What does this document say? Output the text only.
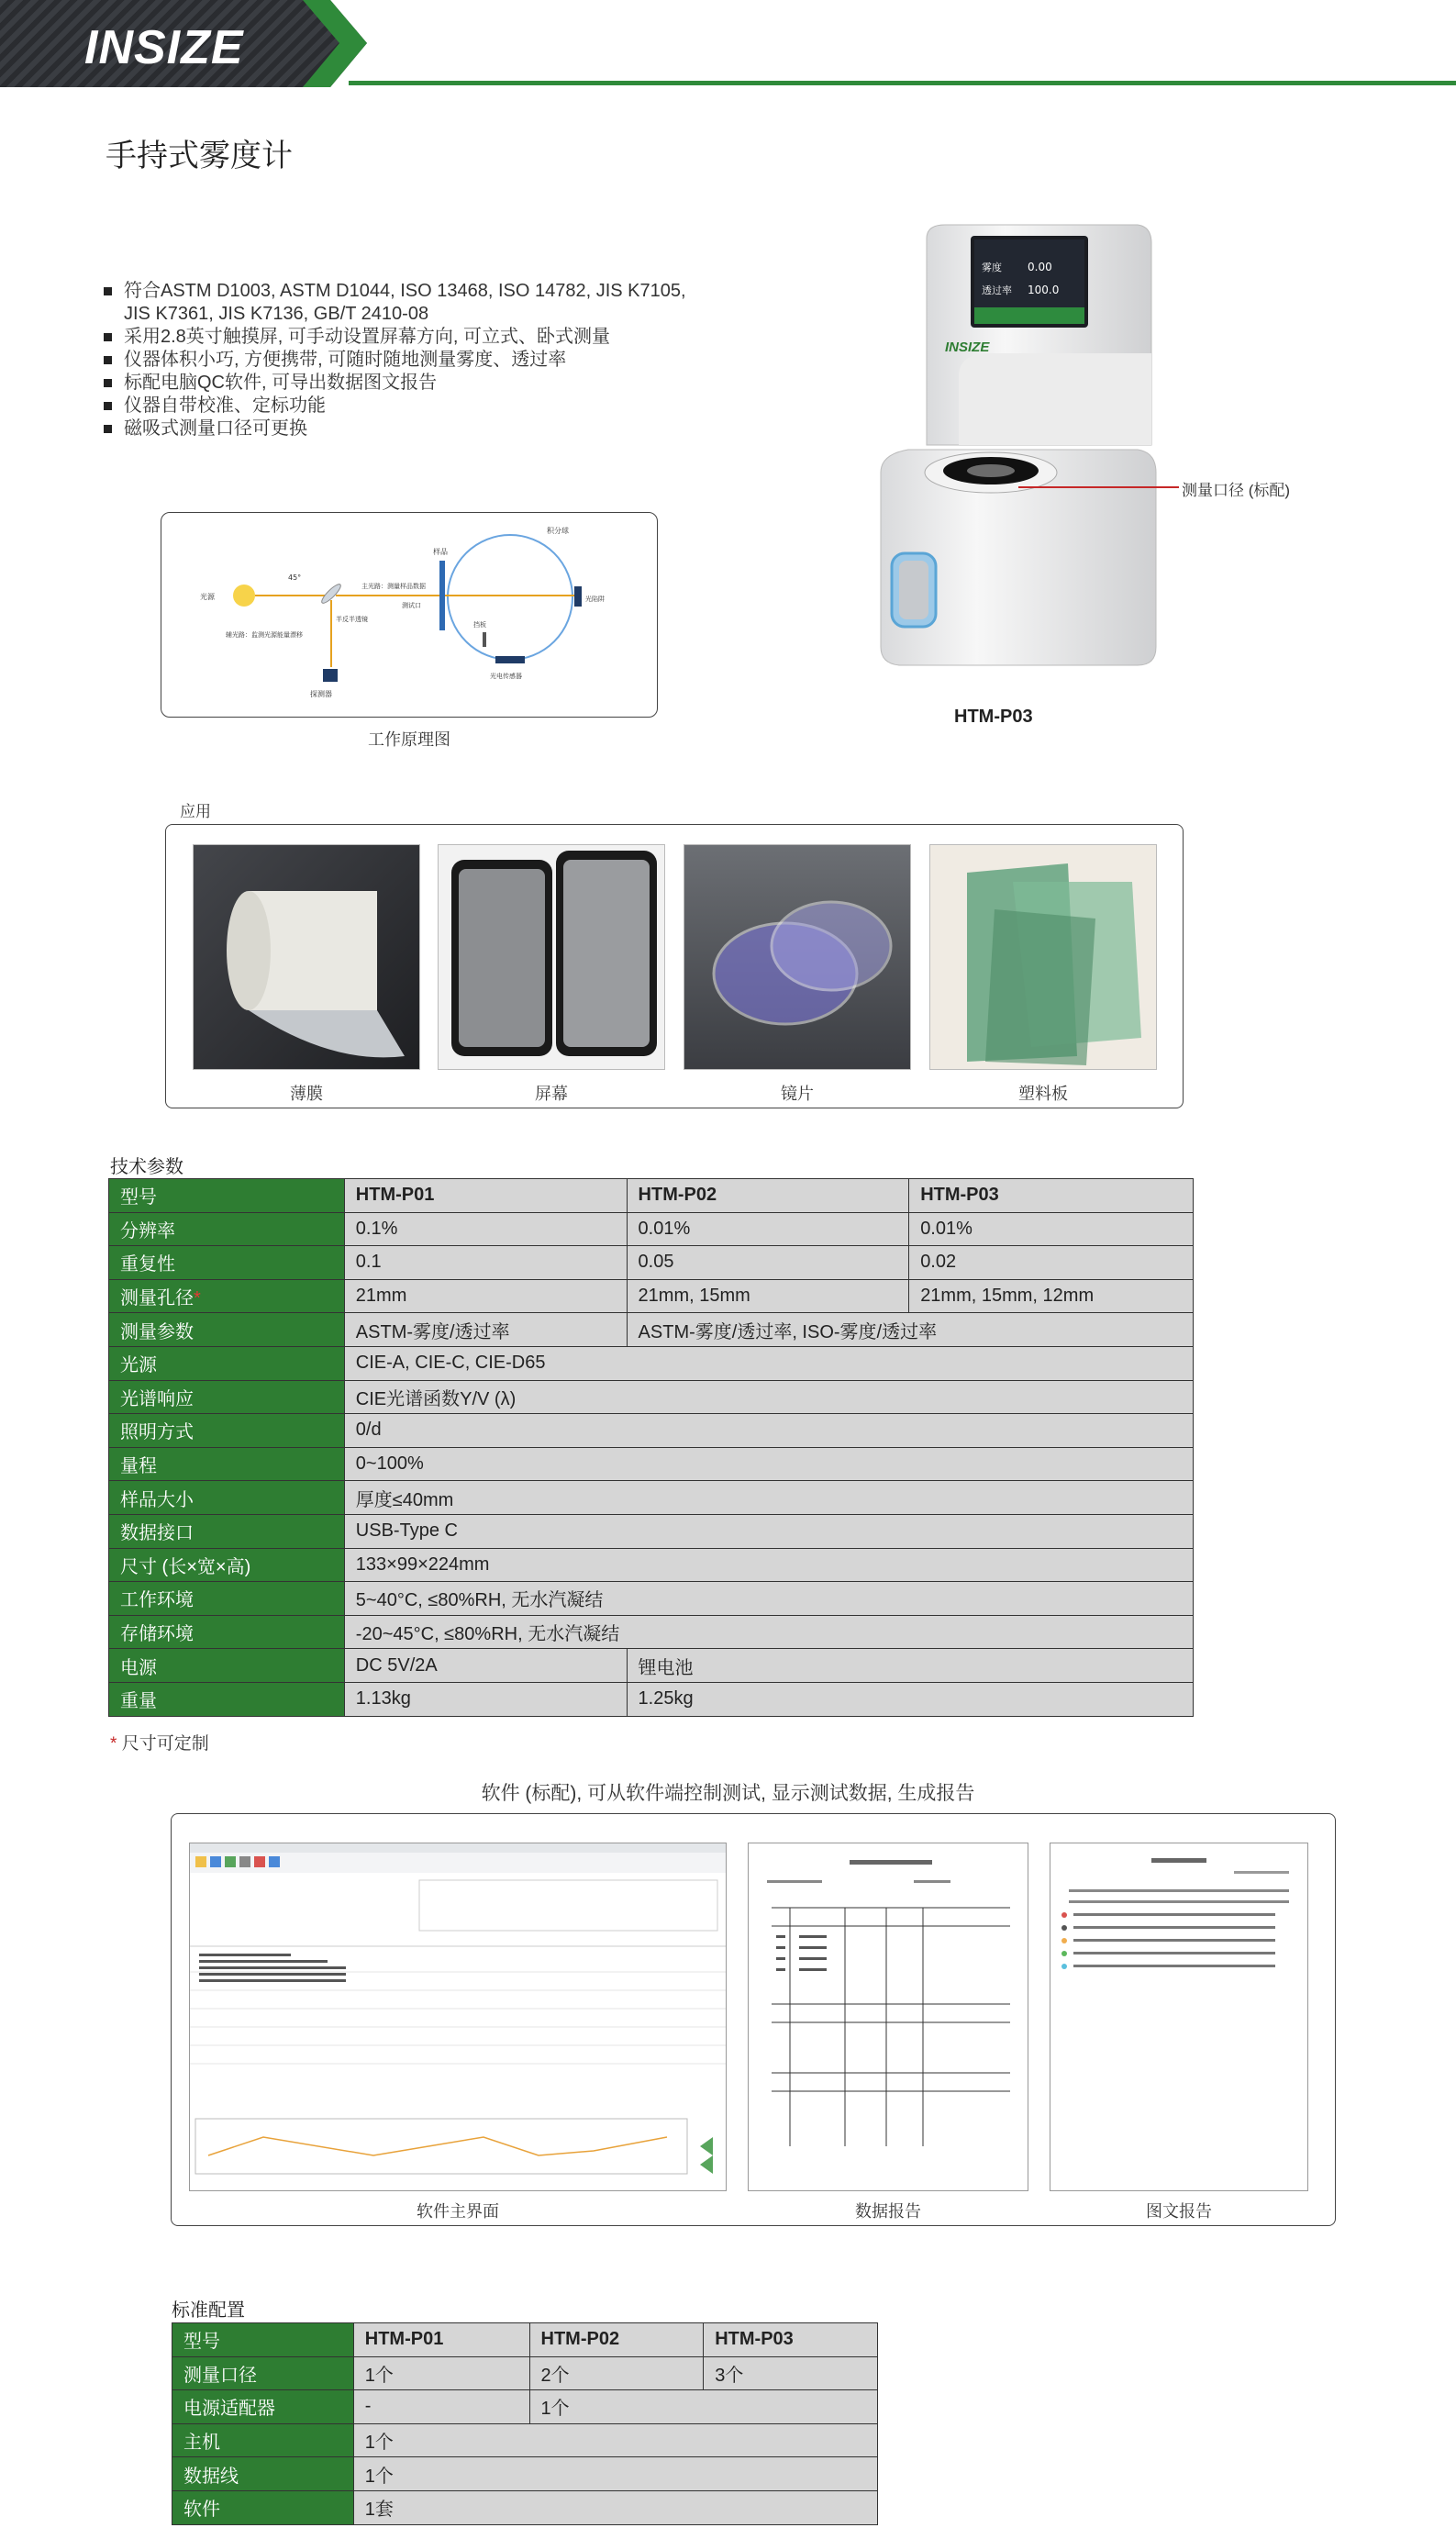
INSIZE
手持式雾度计
符合ASTM D1003, ASTM D1044, ISO 13468, ISO 14782, JIS K7105,
JIS K7361, JIS K7136, GB/T 2410-08
采用2.8英寸触摸屏, 可手动设置屏幕方向, 可立式、卧式测量
仪器体积小巧, 方便携带, 可随时随地测量雾度、透过率
标配电脑QC软件, 可导出数据图文报告
仪器自带校准、定标功能
磁吸式测量口径可更换
雾度 0.00
透过率 100.0
INSIZE
测量口径 (标配)
HTM-P03
光源
45°
探测器
主光路：测量样品数据
半反半透镜
辅光路：监测光源能量漂移
样品
测试口
积分球
光陷阱
挡板
光电传感器
工作原理图
应用
薄膜	屏幕	镜片	塑料板
技术参数
型号	HTM-P01	HTM-P02	HTM-P03
分辨率	0.1%	0.01%	0.01%
重复性	0.1	0.05	0.02
测量孔径*	21mm	21mm, 15mm	21mm, 15mm, 12mm
测量参数	ASTM-雾度/透过率	ASTM-雾度/透过率, ISO-雾度/透过率	
光源	CIE-A, CIE-C, CIE-D65		
光谱响应	CIE光谱函数Y/V (λ)		
照明方式	0/d		
量程	0~100%		
样品大小	厚度≤40mm		
数据接口	USB-Type C		
尺寸 (长×宽×高)	133×99×224mm		
工作环境	5~40°C, ≤80%RH, 无水汽凝结		
存储环境	-20~45°C, ≤80%RH, 无水汽凝结		
电源	DC 5V/2A	锂电池	
重量	1.13kg	1.25kg	
* 尺寸可定制
软件 (标配), 可从软件端控制测试, 显示测试数据, 生成报告
软件主界面	数据报告	图文报告
标准配置
型号	HTM-P01	HTM-P02	HTM-P03
测量口径	1个	2个	3个
电源适配器	-	1个	
主机	1个		
数据线	1个		
软件	1套		
